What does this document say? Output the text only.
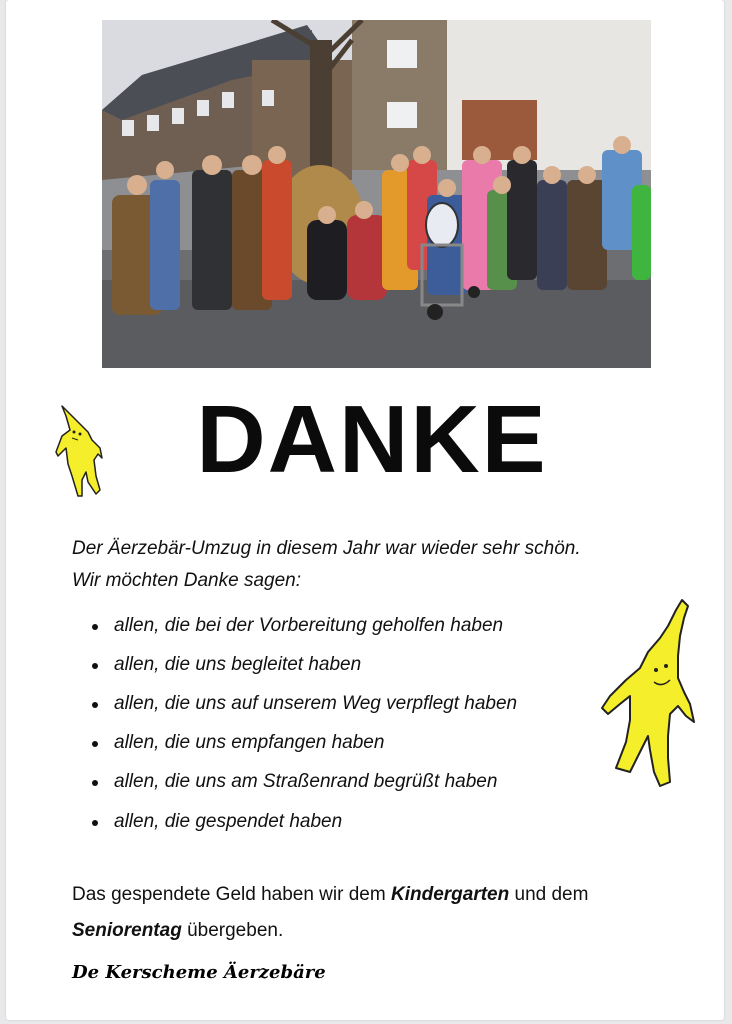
DANKE
Der Äerzebär-Umzug in diesem Jahr war wieder sehr schön.
Wir möchten Danke sagen:
allen, die bei der Vorbereitung geholfen haben
allen, die uns begleitet haben
allen, die uns auf unserem Weg verpflegt haben
allen, die uns empfangen haben
allen, die uns am Straßenrand begrüßt haben
allen, die gespendet haben
Das gespendete Geld haben wir dem Kindergarten und dem
Seniorentag übergeben.
De Kerscheme Äerzebäre
